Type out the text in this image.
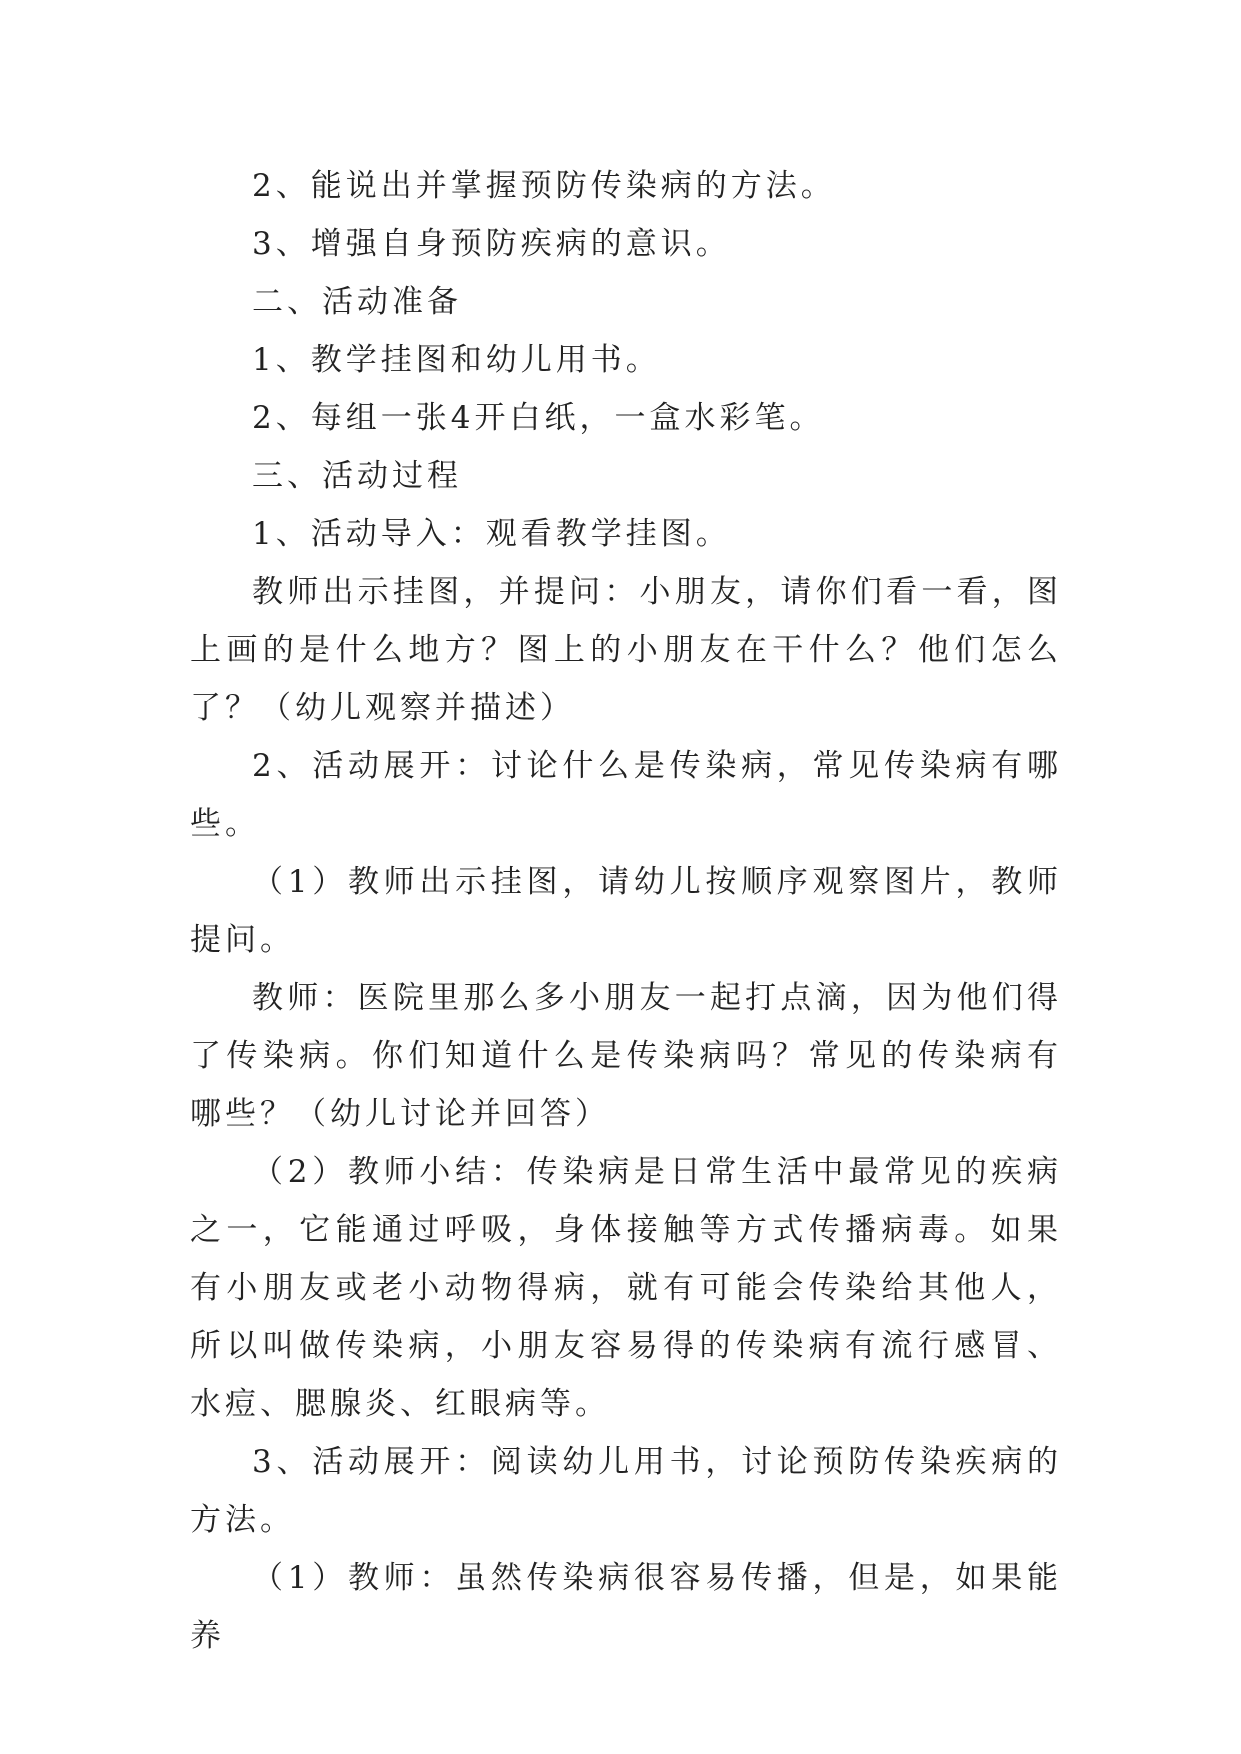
2、能说出并掌握预防传染病的方法。

3、增强自身预防疾病的意识。

二、活动准备

1、教学挂图和幼儿用书。

2、每组一张4开白纸，一盒水彩笔。

三、活动过程

1、活动导入：观看教学挂图。

教师出示挂图，并提问：小朋友，请你们看一看，图上画的是什么地方？图上的小朋友在干什么？他们怎么了？（幼儿观察并描述）

2、活动展开：讨论什么是传染病，常见传染病有哪些。

（1）教师出示挂图，请幼儿按顺序观察图片，教师提问。

教师：医院里那么多小朋友一起打点滴，因为他们得了传染病。你们知道什么是传染病吗？常见的传染病有哪些？（幼儿讨论并回答）

（2）教师小结：传染病是日常生活中最常见的疾病之一，它能通过呼吸，身体接触等方式传播病毒。如果有小朋友或老小动物得病，就有可能会传染给其他人，所以叫做传染病，小朋友容易得的传染病有流行感冒、水痘、腮腺炎、红眼病等。

3、活动展开：阅读幼儿用书，讨论预防传染疾病的方法。

（1）教师：虽然传染病很容易传播，但是，如果能养
